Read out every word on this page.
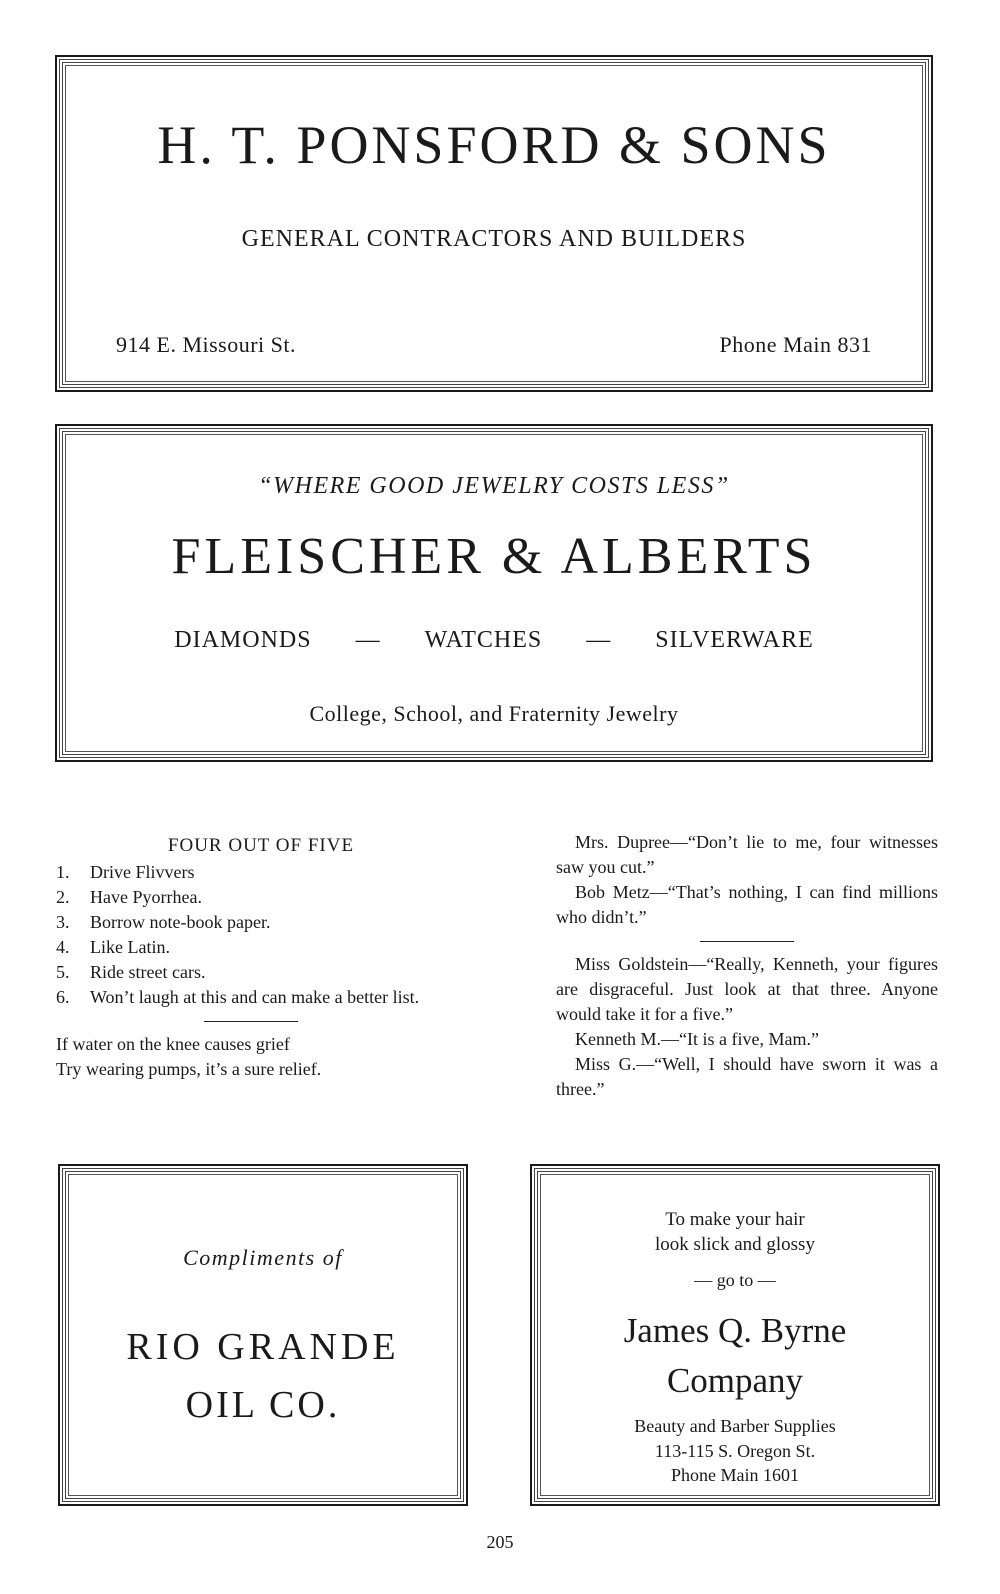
H. T. PONSFORD & SONS
GENERAL CONTRACTORS AND BUILDERS
914 E. Missouri St.	Phone Main 831
“WHERE GOOD JEWELRY COSTS LESS”
FLEISCHER & ALBERTS
DIAMONDS — WATCHES — SILVERWARE
College, School, and Fraternity Jewelry
FOUR OUT OF FIVE
1. Drive Flivvers
2. Have Pyorrhea.
3. Borrow note-book paper.
4. Like Latin.
5. Ride street cars.
6. Won’t laugh at this and can make a better list.
If water on the knee causes grief
Try wearing pumps, it’s a sure relief.
Mrs. Dupree—“Don’t lie to me, four witnesses saw you cut.”
Bob Metz—“That’s nothing, I can find millions who didn’t.”
Miss Goldstein—“Really, Kenneth, your figures are disgraceful. Just look at that three. Anyone would take it for a five.”
Kenneth M.—“It is a five, Mam.”
Miss G.—“Well, I should have sworn it was a three.”
Compliments of
RIO GRANDE
OIL CO.
To make your hair
look slick and glossy
— go to —
James Q. Byrne
Company
Beauty and Barber Supplies
113-115 S. Oregon St.
Phone Main 1601
205
